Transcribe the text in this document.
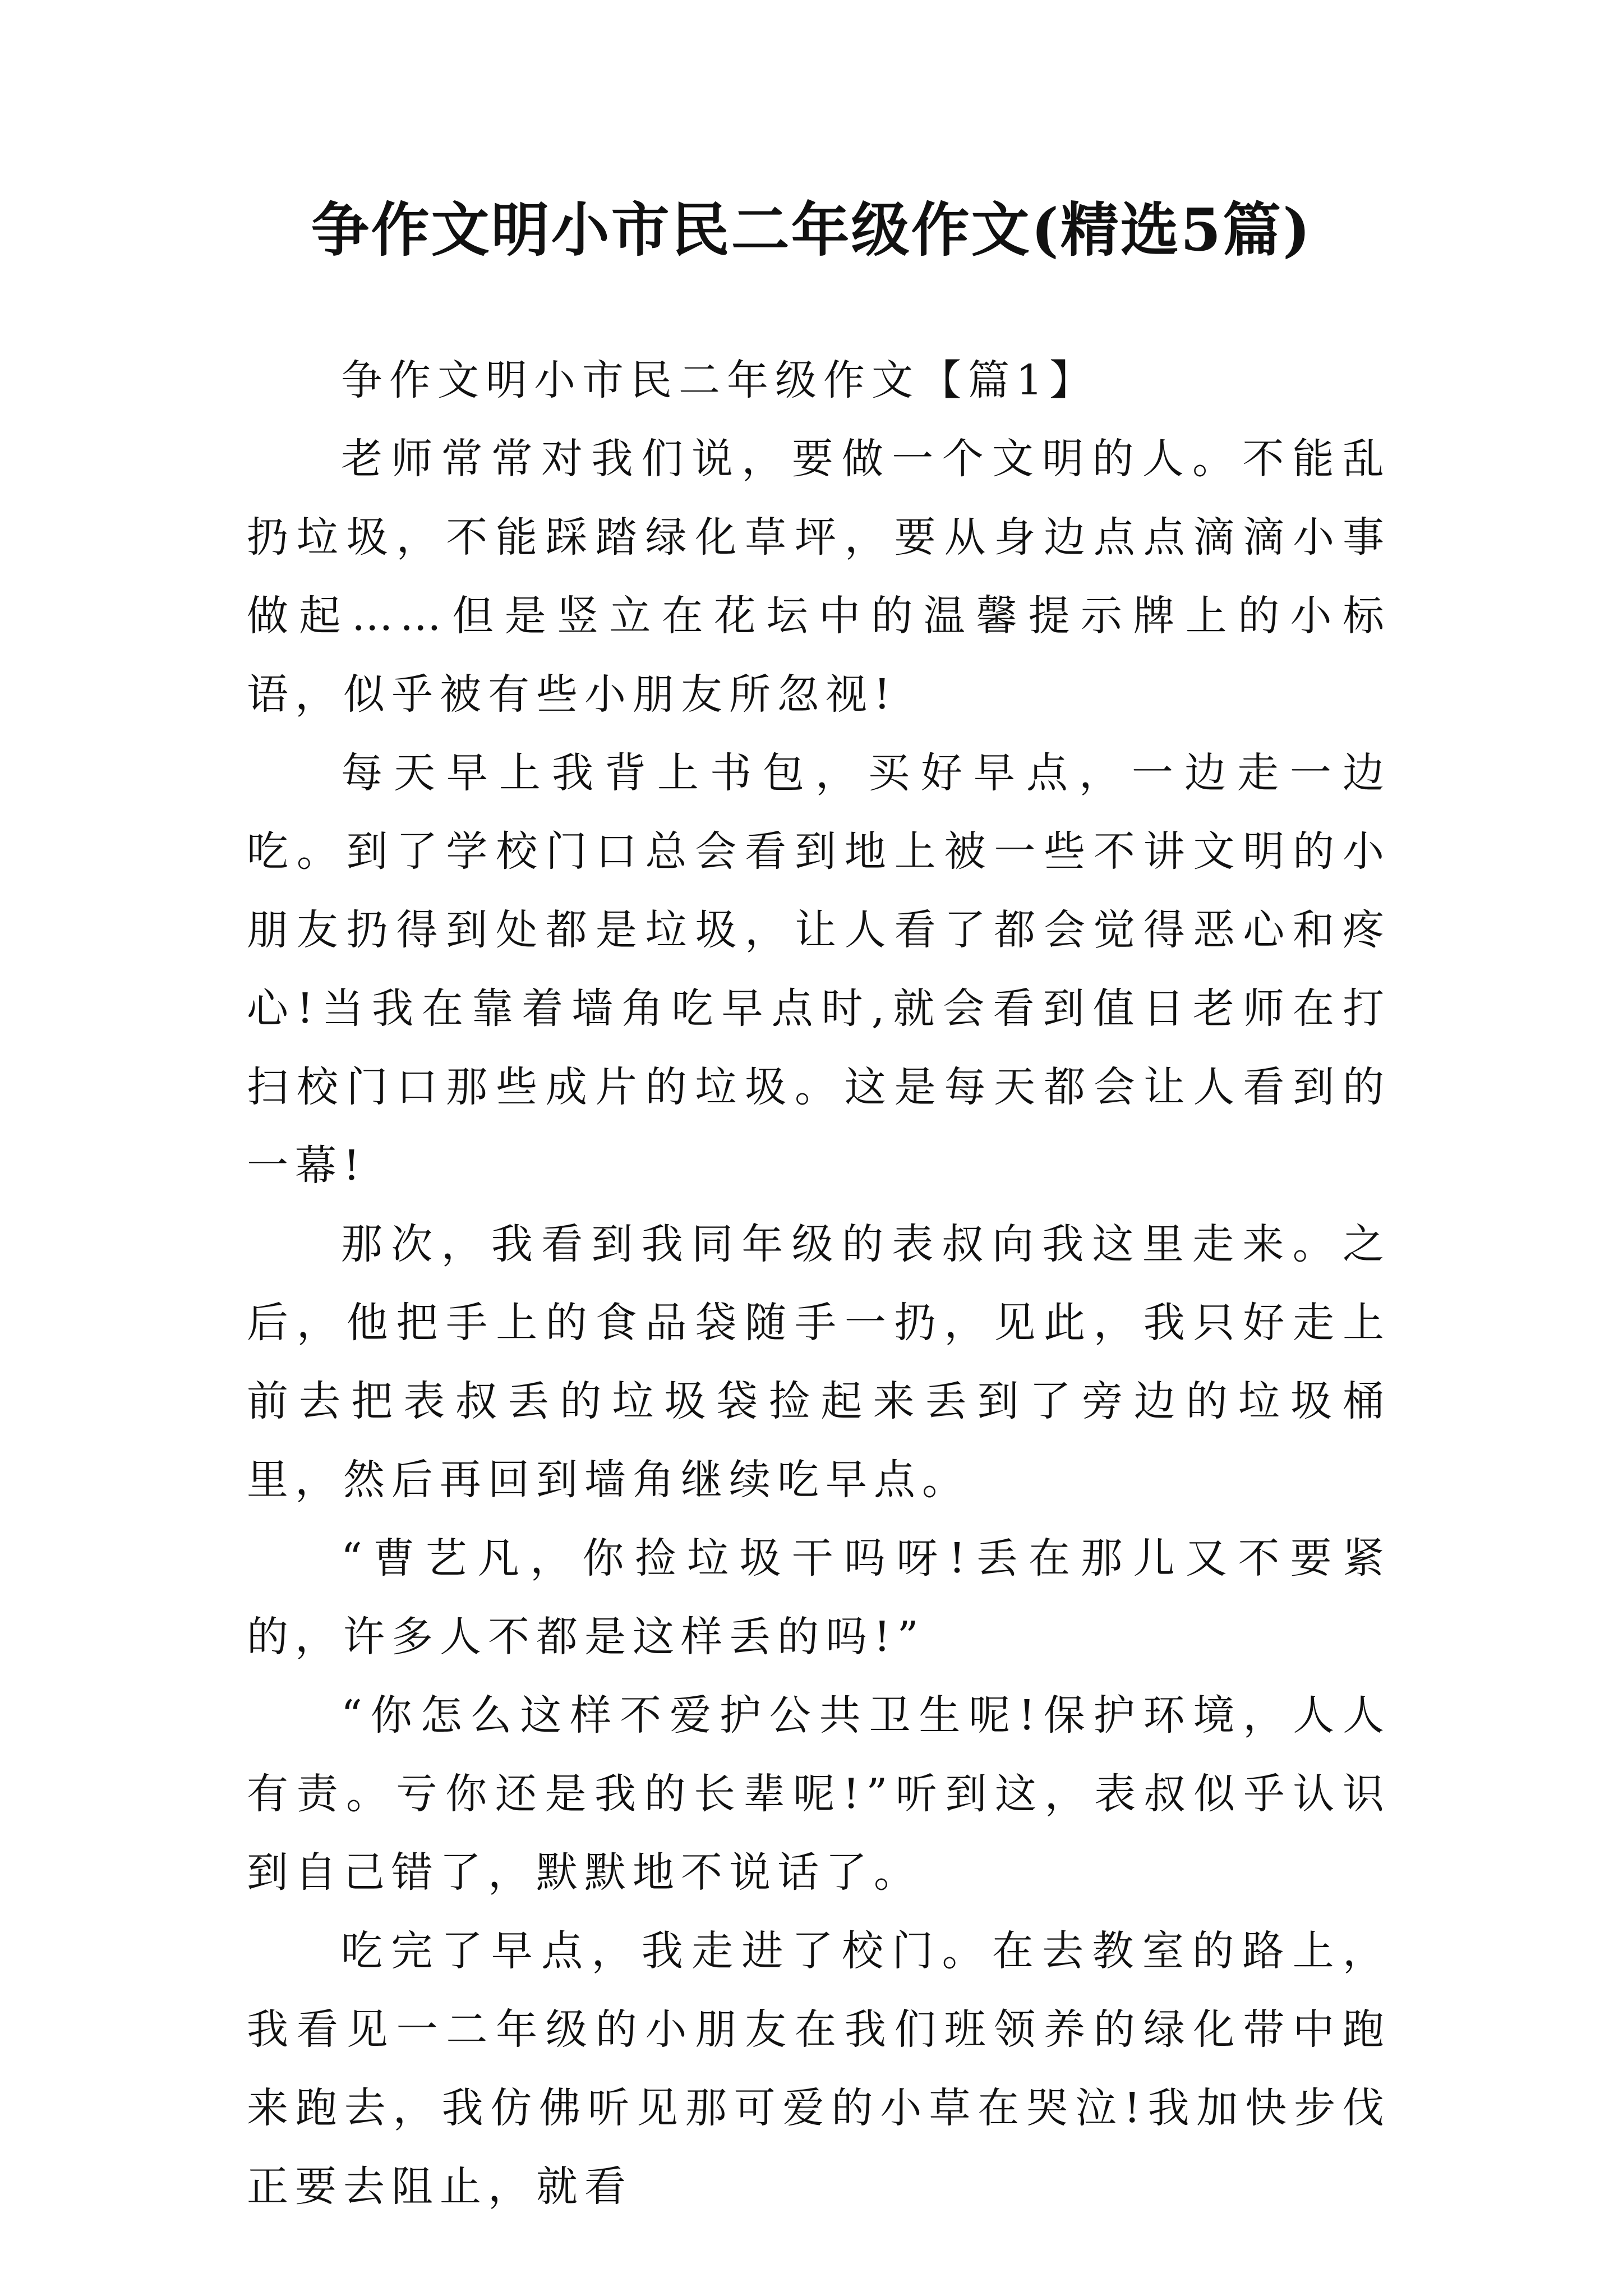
争作文明小市民二年级作文(精选5篇)

争作文明小市民二年级作文【篇1】

老师常常对我们说，要做一个文明的人。不能乱扔垃圾，不能踩踏绿化草坪，要从身边点点滴滴小事做起……但是竖立在花坛中的温馨提示牌上的小标语，似乎被有些小朋友所忽视!

每天早上我背上书包，买好早点，一边走一边吃。到了学校门口总会看到地上被一些不讲文明的小朋友扔得到处都是垃圾，让人看了都会觉得恶心和疼心!当我在靠着墙角吃早点时,就会看到值日老师在打扫校门口那些成片的垃圾。这是每天都会让人看到的一幕!

那次，我看到我同年级的表叔向我这里走来。之后，他把手上的食品袋随手一扔，见此，我只好走上前去把表叔丢的垃圾袋捡起来丢到了旁边的垃圾桶里，然后再回到墙角继续吃早点。

“曹艺凡，你捡垃圾干吗呀!丢在那儿又不要紧的，许多人不都是这样丢的吗!”

“你怎么这样不爱护公共卫生呢!保护环境，人人有责。亏你还是我的长辈呢!”听到这，表叔似乎认识到自己错了，默默地不说话了。

吃完了早点，我走进了校门。在去教室的路上，我看见一二年级的小朋友在我们班领养的绿化带中跑来跑去，我仿佛听见那可爱的小草在哭泣!我加快步伐正要去阻止，就看
